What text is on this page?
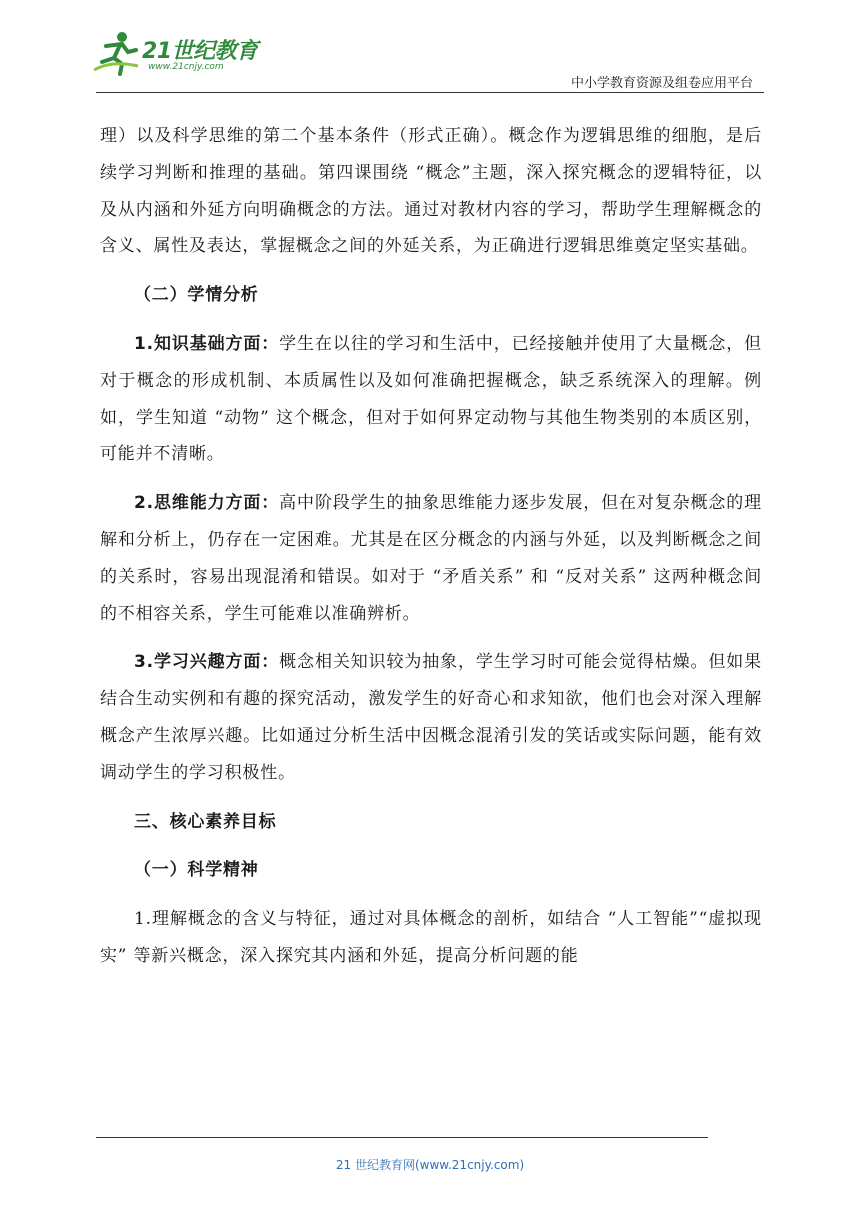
21世纪教育
www.21cnjy.com
中小学教育资源及组卷应用平台

理）以及科学思维的第二个基本条件（形式正确）。概念作为逻辑思维的细胞，是后续学习判断和推理的基础。第四课围绕 “概念”主题，深入探究概念的逻辑特征，以及从内涵和外延方向明确概念的方法。通过对教材内容的学习，帮助学生理解概念的含义、属性及表达，掌握概念之间的外延关系，为正确进行逻辑思维奠定坚实基础。

（二）学情分析

1.知识基础方面：学生在以往的学习和生活中，已经接触并使用了大量概念，但对于概念的形成机制、本质属性以及如何准确把握概念，缺乏系统深入的理解。例如，学生知道 “动物” 这个概念，但对于如何界定动物与其他生物类别的本质区别，可能并不清晰。

2.思维能力方面：高中阶段学生的抽象思维能力逐步发展，但在对复杂概念的理解和分析上，仍存在一定困难。尤其是在区分概念的内涵与外延，以及判断概念之间的关系时，容易出现混淆和错误。如对于 “矛盾关系” 和 “反对关系” 这两种概念间的不相容关系，学生可能难以准确辨析。

3.学习兴趣方面：概念相关知识较为抽象，学生学习时可能会觉得枯燥。但如果结合生动实例和有趣的探究活动，激发学生的好奇心和求知欲，他们也会对深入理解概念产生浓厚兴趣。比如通过分析生活中因概念混淆引发的笑话或实际问题，能有效调动学生的学习积极性。

三、核心素养目标

（一）科学精神

1.理解概念的含义与特征，通过对具体概念的剖析，如结合 “人工智能”“虚拟现实” 等新兴概念，深入探究其内涵和外延，提高分析问题的能

21 世纪教育网(www.21cnjy.com)
